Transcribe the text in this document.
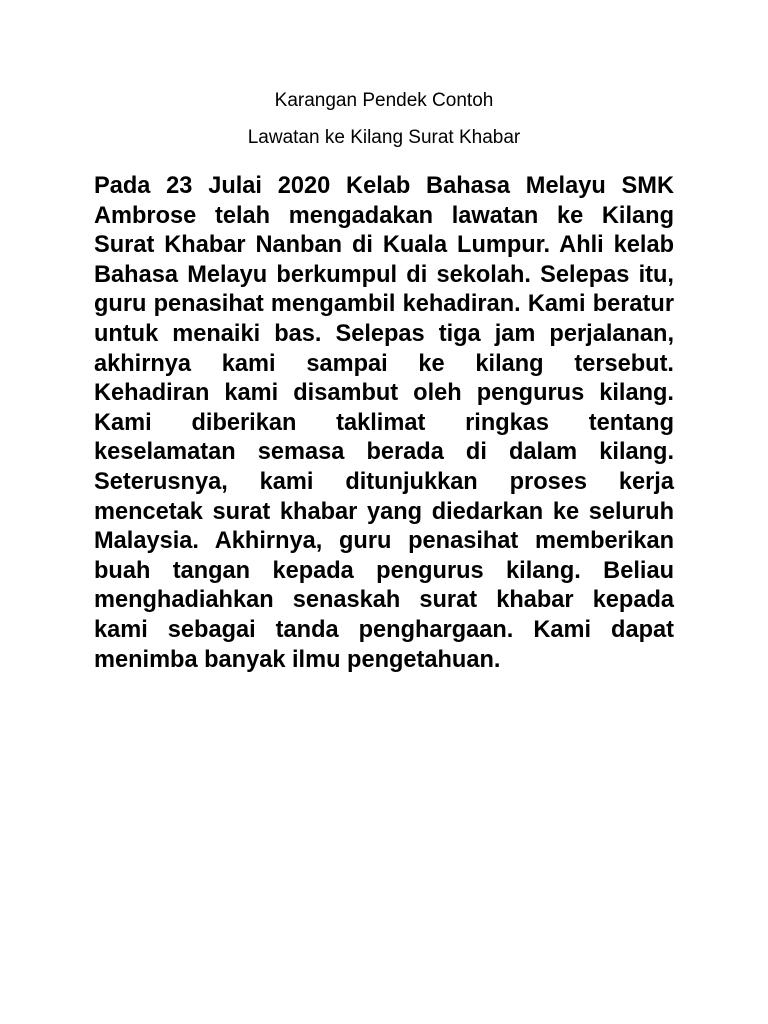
Karangan Pendek Contoh
Lawatan ke Kilang Surat Khabar

Pada 23 Julai 2020 Kelab Bahasa Melayu SMK Ambrose telah mengadakan lawatan ke Kilang Surat Khabar Nanban di Kuala Lumpur. Ahli kelab Bahasa Melayu berkumpul di sekolah. Selepas itu, guru penasihat mengambil kehadiran. Kami beratur untuk menaiki bas. Selepas tiga jam perjalanan, akhirnya kami sampai ke kilang tersebut. Kehadiran kami disambut oleh pengurus kilang. Kami diberikan taklimat ringkas tentang keselamatan semasa berada di dalam kilang. Seterusnya, kami ditunjukkan proses kerja mencetak surat khabar yang diedarkan ke seluruh Malaysia. Akhirnya, guru penasihat memberikan buah tangan kepada pengurus kilang. Beliau menghadiahkan senaskah surat khabar kepada kami sebagai tanda penghargaan. Kami dapat menimba banyak ilmu pengetahuan.
